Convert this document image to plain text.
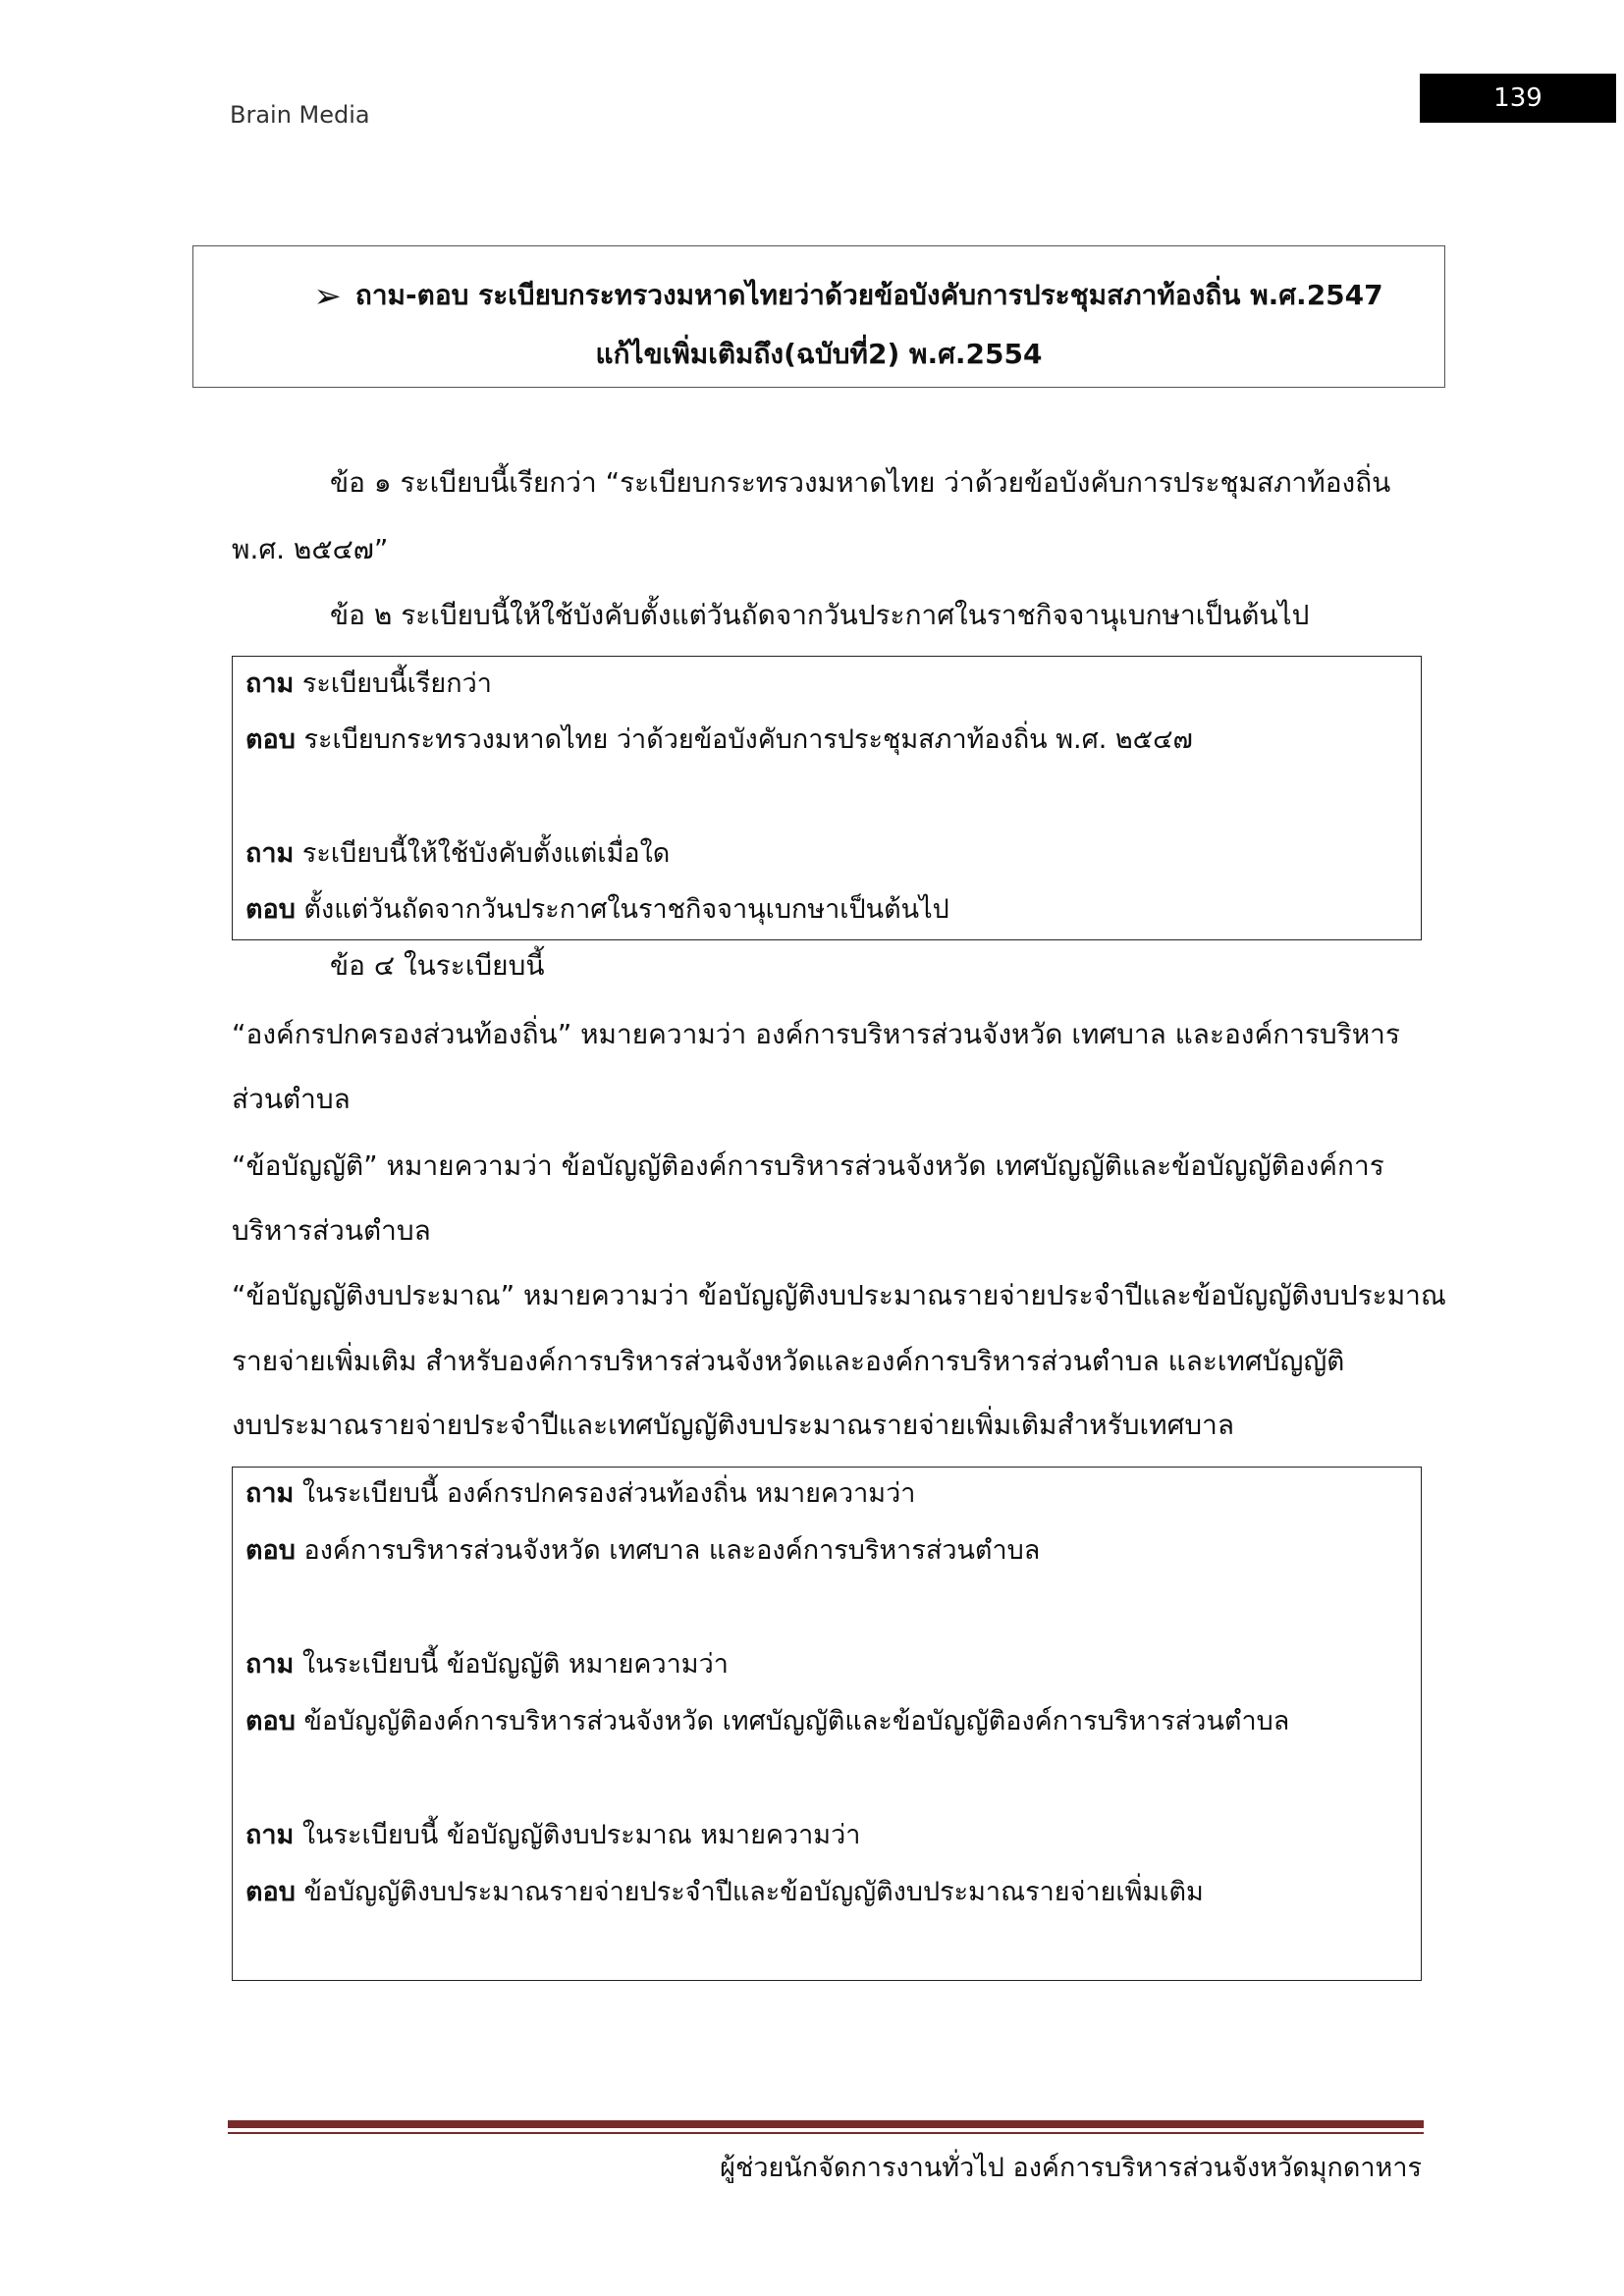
Brain Media
139
➢ ถาม-ตอบ ระเบียบกระทรวงมหาดไทยว่าด้วยข้อบังคับการประชุมสภาท้องถิ่น พ.ศ.2547
แก้ไขเพิ่มเติมถึง(ฉบับที่2) พ.ศ.2554
ข้อ ๑ ระเบียบนี้เรียกว่า “ระเบียบกระทรวงมหาดไทย ว่าด้วยข้อบังคับการประชุมสภาท้องถิ่น
พ.ศ. ๒๕๔๗”
ข้อ ๒ ระเบียบนี้ให้ใช้บังคับตั้งแต่วันถัดจากวันประกาศในราชกิจจานุเบกษาเป็นต้นไป
ถาม ระเบียบนี้เรียกว่า
ตอบ ระเบียบกระทรวงมหาดไทย ว่าด้วยข้อบังคับการประชุมสภาท้องถิ่น พ.ศ. ๒๕๔๗
ถาม ระเบียบนี้ให้ใช้บังคับตั้งแต่เมื่อใด
ตอบ ตั้งแต่วันถัดจากวันประกาศในราชกิจจานุเบกษาเป็นต้นไป
ข้อ ๔ ในระเบียบนี้
“องค์กรปกครองส่วนท้องถิ่น” หมายความว่า องค์การบริหารส่วนจังหวัด เทศบาล และองค์การบริหาร
ส่วนตำบล
“ข้อบัญญัติ” หมายความว่า ข้อบัญญัติองค์การบริหารส่วนจังหวัด เทศบัญญัติและข้อบัญญัติองค์การ
บริหารส่วนตำบล
“ข้อบัญญัติงบประมาณ” หมายความว่า ข้อบัญญัติงบประมาณรายจ่ายประจำปีและข้อบัญญัติงบประมาณ
รายจ่ายเพิ่มเติม สำหรับองค์การบริหารส่วนจังหวัดและองค์การบริหารส่วนตำบล และเทศบัญญัติ
งบประมาณรายจ่ายประจำปีและเทศบัญญัติงบประมาณรายจ่ายเพิ่มเติมสำหรับเทศบาล
ถาม ในระเบียบนี้ องค์กรปกครองส่วนท้องถิ่น หมายความว่า
ตอบ องค์การบริหารส่วนจังหวัด เทศบาล และองค์การบริหารส่วนตำบล
ถาม ในระเบียบนี้ ข้อบัญญัติ หมายความว่า
ตอบ ข้อบัญญัติองค์การบริหารส่วนจังหวัด เทศบัญญัติและข้อบัญญัติองค์การบริหารส่วนตำบล
ถาม ในระเบียบนี้ ข้อบัญญัติงบประมาณ หมายความว่า
ตอบ ข้อบัญญัติงบประมาณรายจ่ายประจำปีและข้อบัญญัติงบประมาณรายจ่ายเพิ่มเติม
ผู้ช่วยนักจัดการงานทั่วไป องค์การบริหารส่วนจังหวัดมุกดาหาร
